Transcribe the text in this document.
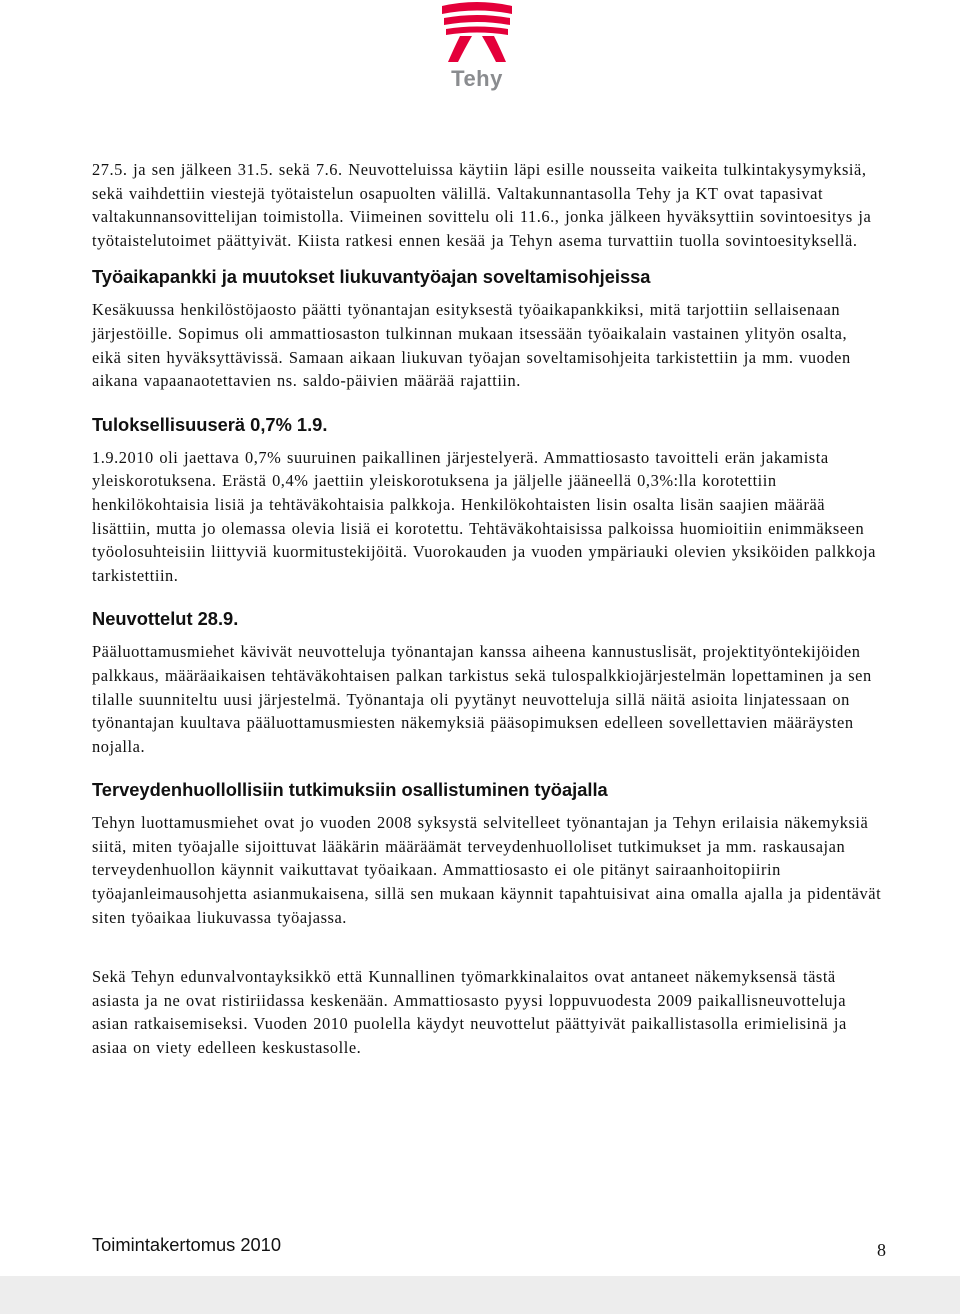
Tehy

27.5. ja sen jälkeen 31.5. sekä 7.6. Neuvotteluissa käytiin läpi esille nousseita vaikeita tulkintakysymyksiä, sekä vaihdettiin viestejä työtaistelun osapuolten välillä. Valtakunnantasolla Tehy ja KT ovat tapasivat valtakunnansovittelijan toimistolla. Viimeinen sovittelu oli 11.6., jonka jälkeen hyväksyttiin sovintoesitys ja työtaistelutoimet päättyivät. Kiista ratkesi ennen kesää ja Tehyn asema turvattiin tuolla sovintoesityksellä.

Työaikapankki ja muutokset liukuvantyöajan soveltamisohjeissa

Kesäkuussa henkilöstöjaosto päätti työnantajan esityksestä työaikapankkiksi, mitä tarjottiin sellaisenaan järjestöille. Sopimus oli ammattiosaston tulkinnan mukaan itsessään työaikalain vastainen ylityön osalta, eikä siten hyväksyttävissä. Samaan aikaan liukuvan työajan soveltamisohjeita tarkistettiin ja mm. vuoden aikana vapaanaotettavien ns. saldo-päivien määrää rajattiin.

Tuloksellisuuserä 0,7% 1.9.

1.9.2010 oli jaettava 0,7% suuruinen paikallinen järjestelyerä. Ammattiosasto tavoitteli erän jakamista yleiskorotuksena. Erästä 0,4% jaettiin yleiskorotuksena ja jäljelle jääneellä 0,3%:lla korotettiin henkilökohtaisia lisiä ja tehtäväkohtaisia palkkoja. Henkilökohtaisten lisin osalta lisän saajien määrää lisättiin, mutta jo olemassa olevia lisiä ei korotettu. Tehtäväkohtaisissa palkoissa huomioitiin enimmäkseen työolosuhteisiin liittyviä kuormitustekijöitä. Vuorokauden ja vuoden ympäriauki olevien yksiköiden palkkoja tarkistettiin.

Neuvottelut 28.9.

Pääluottamusmiehet kävivät neuvotteluja työnantajan kanssa aiheena kannustuslisät, projektityöntekijöiden palkkaus, määräaikaisen tehtäväkohtaisen palkan tarkistus sekä tulospalkkiojärjestelmän lopettaminen ja sen tilalle suunniteltu uusi järjestelmä. Työnantaja oli pyytänyt neuvotteluja sillä näitä asioita linjatessaan on työnantajan kuultava pääluottamusmiesten näkemyksiä pääsopimuksen edelleen sovellettavien määräysten nojalla.

Terveydenhuollollisiin tutkimuksiin osallistuminen työajalla

Tehyn luottamusmiehet ovat jo vuoden 2008 syksystä selvitelleet työnantajan ja Tehyn erilaisia näkemyksiä siitä, miten työajalle sijoittuvat lääkärin määräämät terveydenhuolloliset tutkimukset ja mm. raskausajan terveydenhuollon käynnit vaikuttavat työaikaan. Ammattiosasto ei ole pitänyt sairaanhoitopiirin työajanleimausohjetta asianmukaisena, sillä sen mukaan käynnit tapahtuisivat aina omalla ajalla ja pidentävät siten työaikaa liukuvassa työajassa.

Sekä Tehyn edunvalvontayksikkö että Kunnallinen työmarkkinalaitos ovat antaneet näkemyksensä tästä asiasta ja ne ovat ristiriidassa keskenään. Ammattiosasto pyysi loppuvuodesta 2009 paikallisneuvotteluja asian ratkaisemiseksi. Vuoden 2010 puolella käydyt neuvottelut päättyivät paikallistasolla erimielisinä ja asiaa on viety edelleen keskustasolle.

Toimintakertomus 2010	8
